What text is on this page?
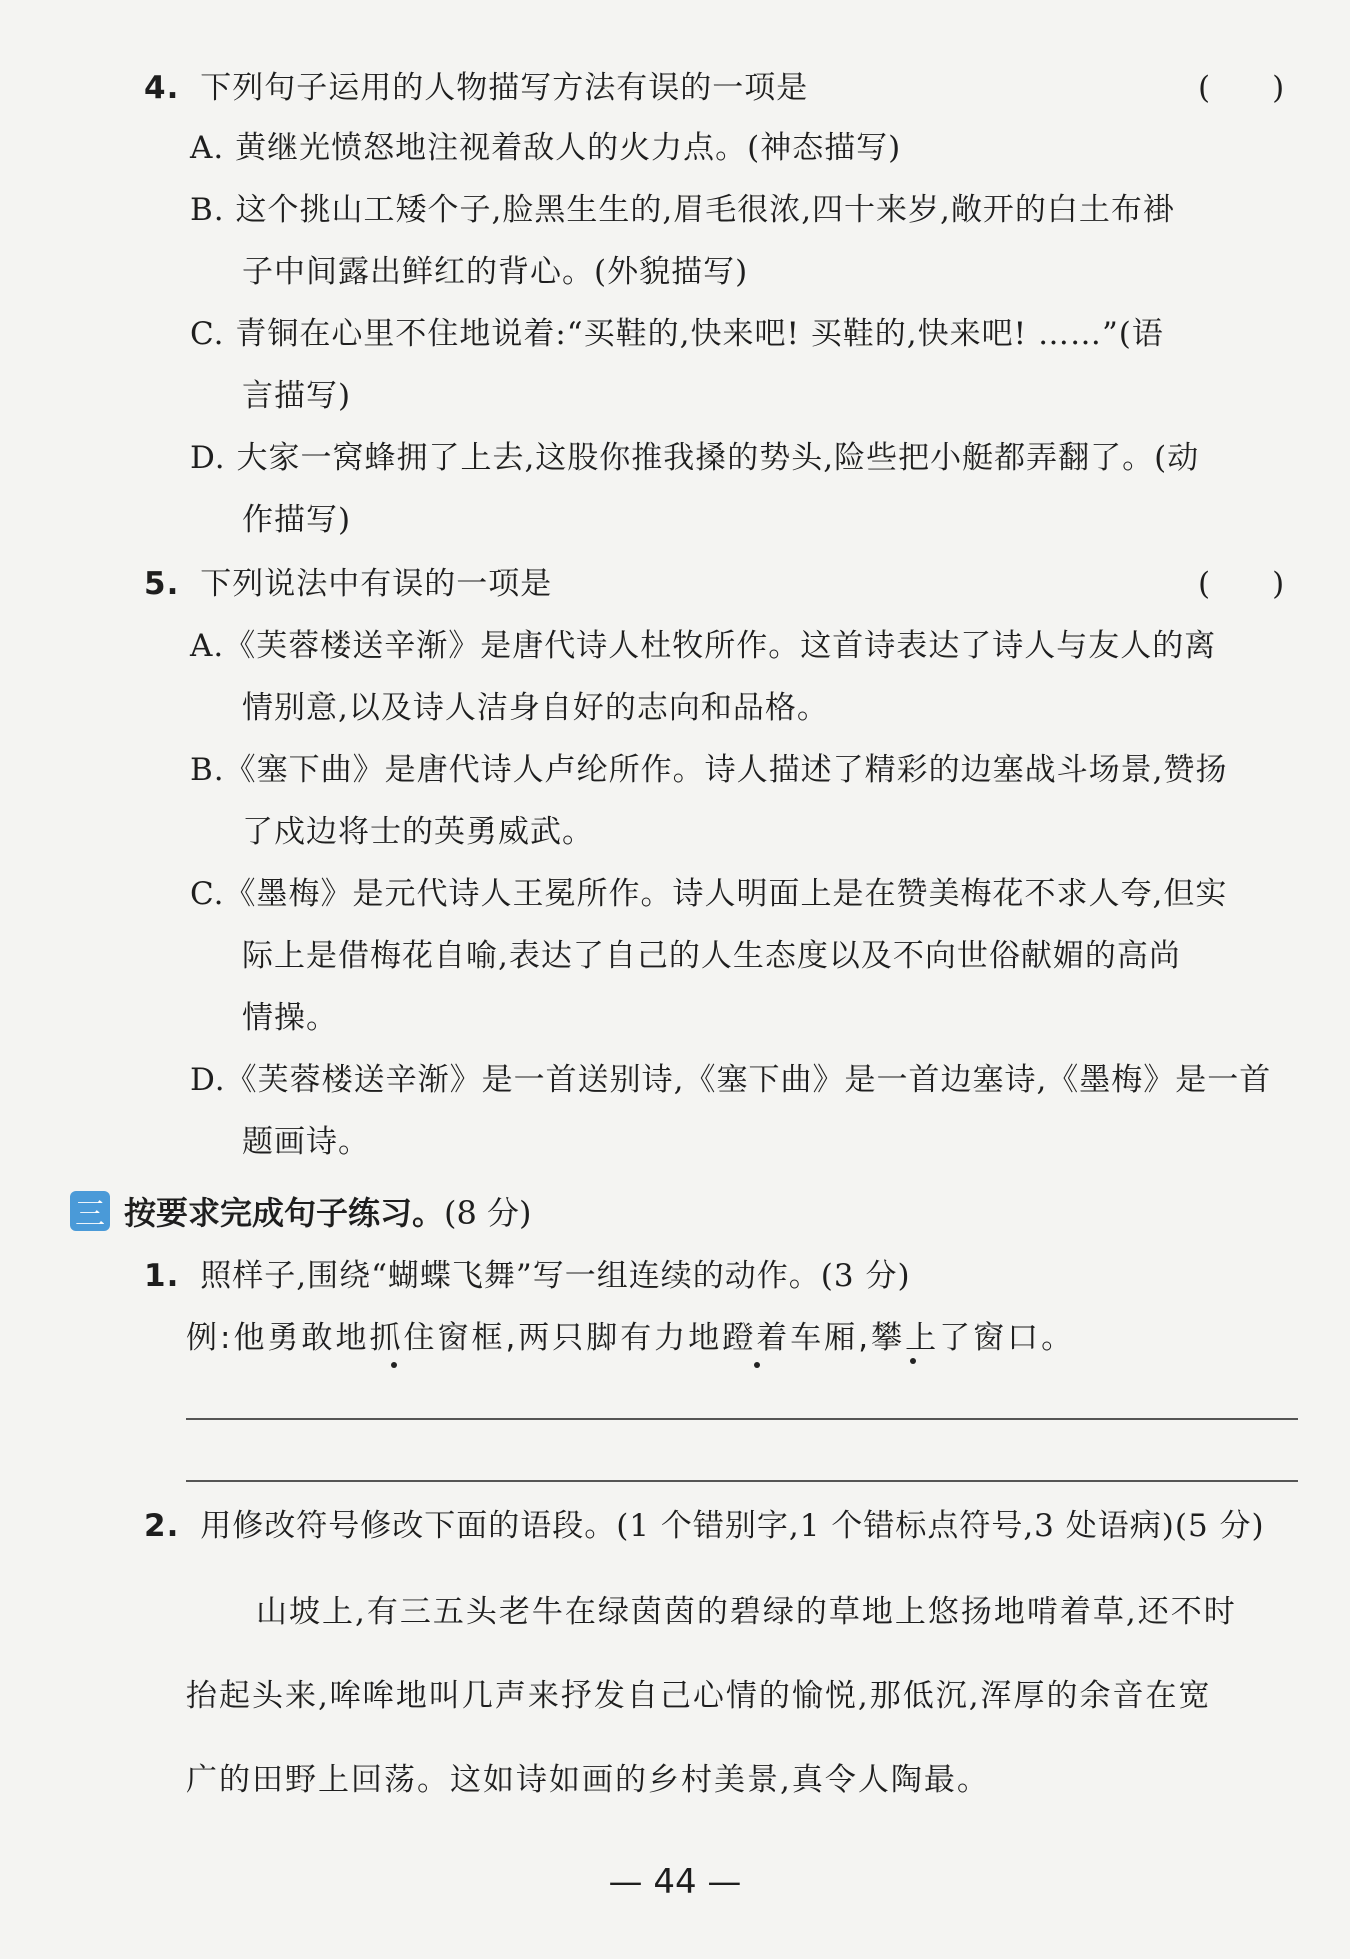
4. 下列句子运用的人物描写方法有误的一项是	(　　)
A. 黄继光愤怒地注视着敌人的火力点。(神态描写)
B. 这个挑山工矮个子,脸黑生生的,眉毛很浓,四十来岁,敞开的白土布褂
子中间露出鲜红的背心。(外貌描写)
C. 青铜在心里不住地说着:“买鞋的,快来吧! 买鞋的,快来吧! ……”(语
言描写)
D. 大家一窝蜂拥了上去,这股你推我搡的势头,险些把小艇都弄翻了。(动
作描写)
5. 下列说法中有误的一项是	(　　)
A.《芙蓉楼送辛渐》是唐代诗人杜牧所作。这首诗表达了诗人与友人的离
情别意,以及诗人洁身自好的志向和品格。
B.《塞下曲》是唐代诗人卢纶所作。诗人描述了精彩的边塞战斗场景,赞扬
了戍边将士的英勇威武。
C.《墨梅》是元代诗人王冕所作。诗人明面上是在赞美梅花不求人夸,但实
际上是借梅花自喻,表达了自己的人生态度以及不向世俗献媚的高尚
情操。
D.《芙蓉楼送辛渐》是一首送别诗,《塞下曲》是一首边塞诗,《墨梅》是一首
题画诗。
三 按要求完成句子练习。(8 分)
1. 照样子,围绕“蝴蝶飞舞”写一组连续的动作。(3 分)
例:他勇敢地抓住窗框,两只脚有力地蹬着车厢,攀上了窗口。
2. 用修改符号修改下面的语段。(1 个错别字,1 个错标点符号,3 处语病)(5 分)
山坡上,有三五头老牛在绿茵茵的碧绿的草地上悠扬地啃着草,还不时
抬起头来,哞哞地叫几声来抒发自己心情的愉悦,那低沉,浑厚的余音在宽
广的田野上回荡。这如诗如画的乡村美景,真令人陶最。
— 44 —
